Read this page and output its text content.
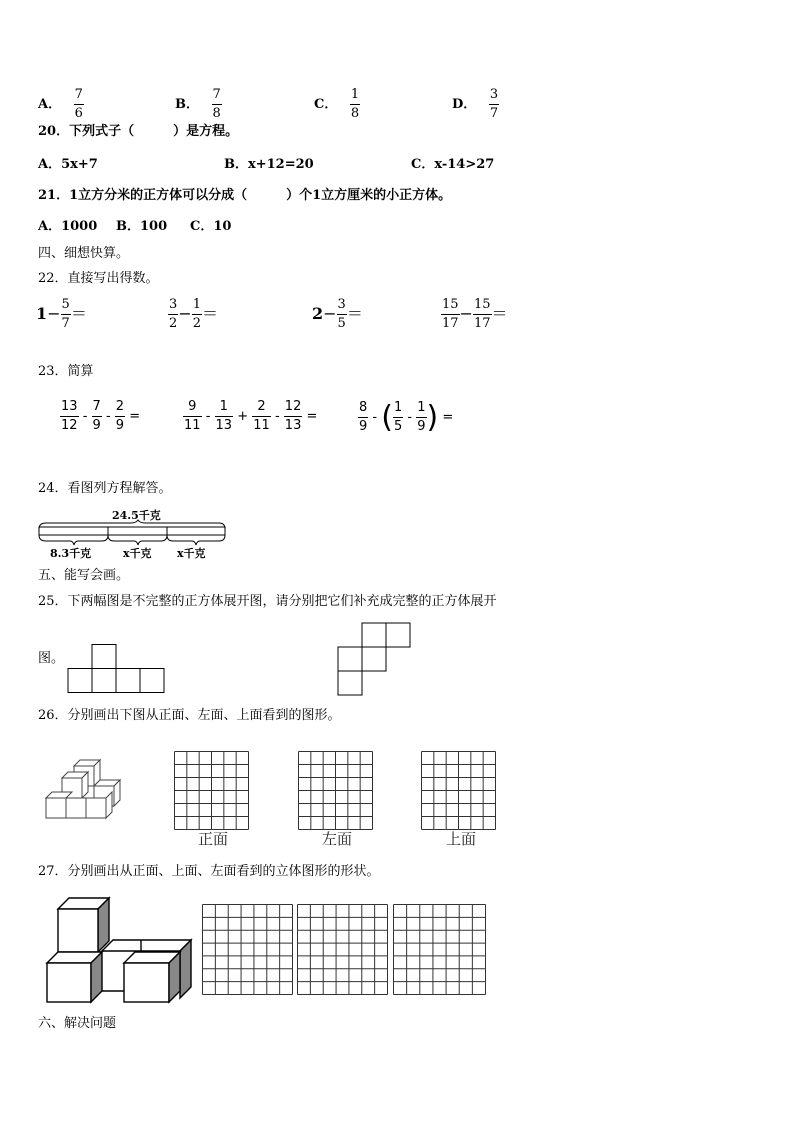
A． $\frac{7}{6}$	B． $\frac{7}{8}$	C． $\frac{1}{8}$	D． $\frac{3}{7}$
20．下列式子（　　　）是方程。
A．5x+7	B．x+12=20	C．x-14>27
21．1立方分米的正方体可以分成（　　　）个1立方厘米的小正方体。
A．1000 B．100 C．10
四、细想快算。
22．直接写出得数。
$1- \frac{5}{7}$ ＝	$\frac{3}{2} - \frac{1}{2}$ ＝	$2- \frac{3}{5}$ ＝	$\frac{15}{17} - \frac{15}{17}$ ＝
23．简算
$\frac{13}{12} - \frac{7}{9} - \frac{2}{9}$ =	$\frac{9}{11} - \frac{1}{13} + \frac{2}{11} - \frac{12}{13}$ =	$\frac{8}{9}$ - ( $\frac{1}{5} - \frac{1}{9}$ ) =
24．看图列方程解答。
24.5千克
8.3千克	x千克 x千克
五、能写会画。
25．下两幅图是不完整的正方体展开图，请分别把它们补充成完整的正方体展开
图。
26．分别画出下图从正面、左面、上面看到的图形。
正面	左面	上面
27．分别画出从正面、上面、左面看到的立体图形的形状。
六、解决问题
